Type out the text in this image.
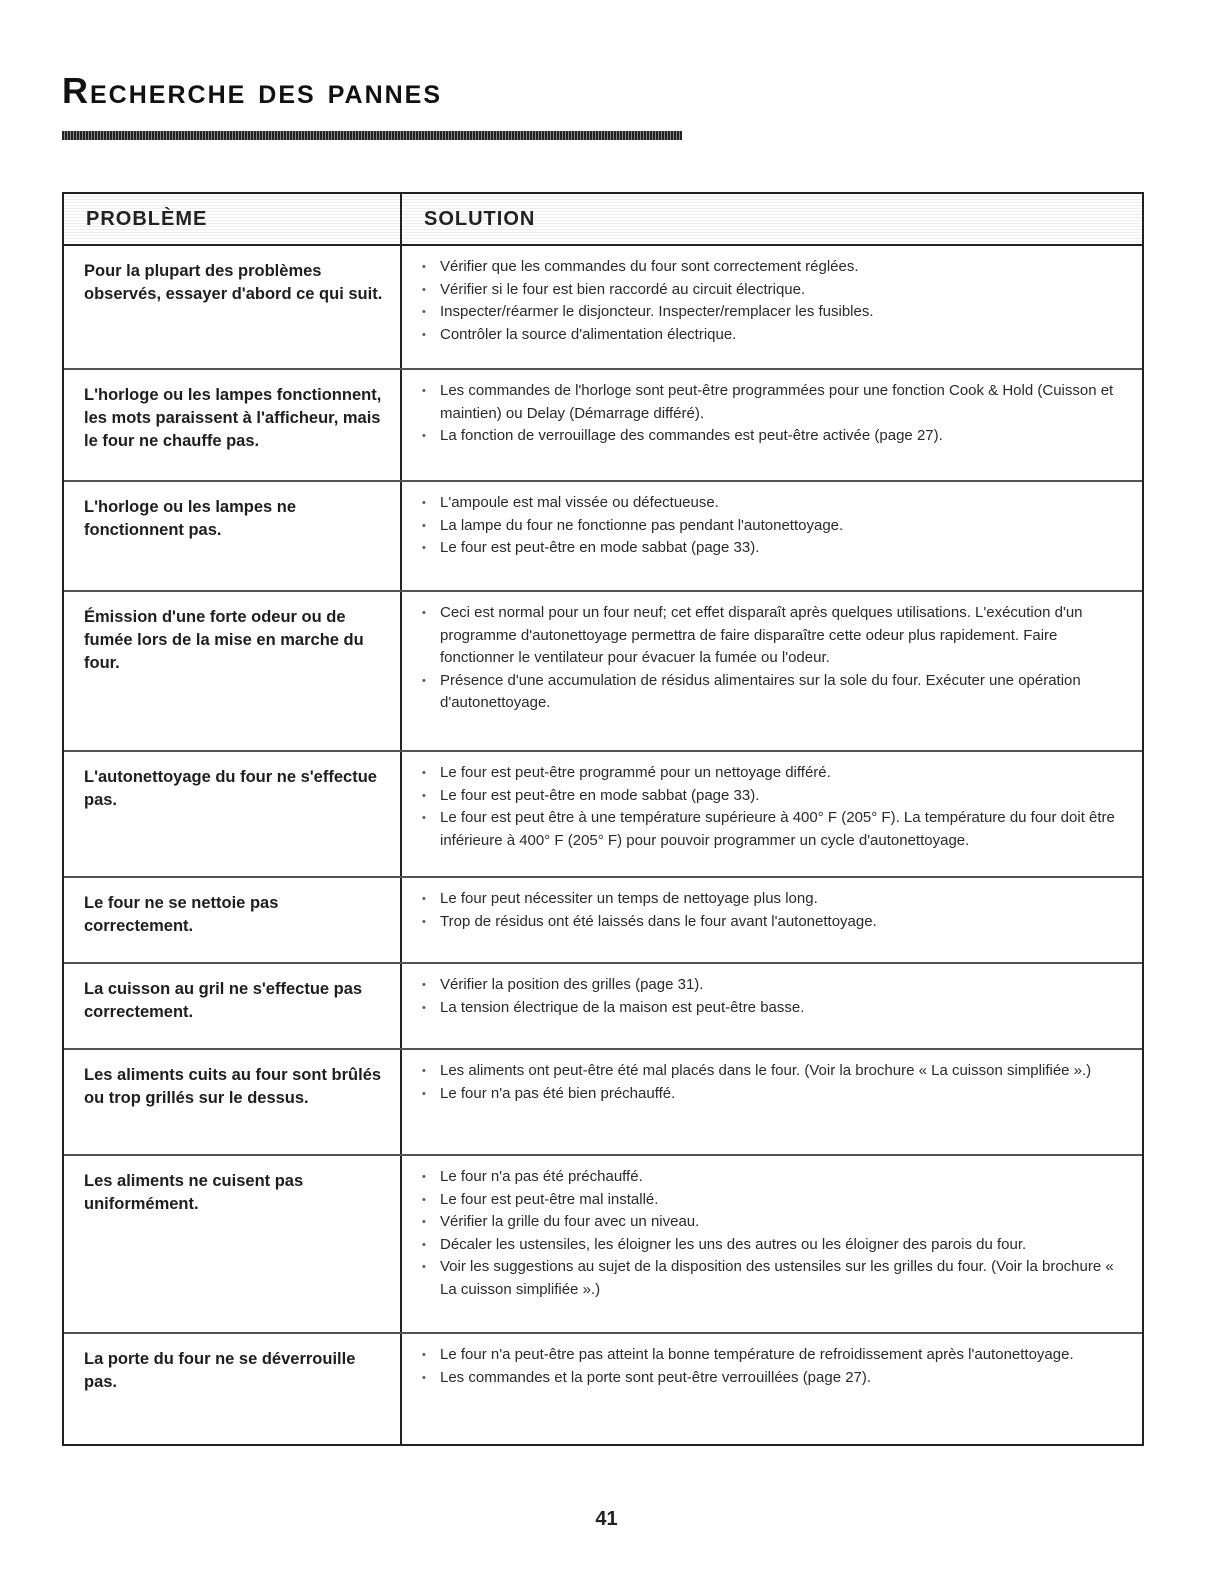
Recherche des pannes
PROBLÈME	SOLUTION
Pour la plupart des problèmes observés, essayer d'abord ce qui suit.
• Vérifier que les commandes du four sont correctement réglées.
• Vérifier si le four est bien raccordé au circuit électrique.
• Inspecter/réarmer le disjoncteur. Inspecter/remplacer les fusibles.
• Contrôler la source d'alimentation électrique.
L'horloge ou les lampes fonctionnent, les mots paraissent à l'afficheur, mais le four ne chauffe pas.
• Les commandes de l'horloge sont peut-être programmées pour une fonction Cook & Hold (Cuisson et maintien) ou Delay (Démarrage différé).
• La fonction de verrouillage des commandes est peut-être activée (page 27).
L'horloge ou les lampes ne fonctionnent pas.
• L'ampoule est mal vissée ou défectueuse.
• La lampe du four ne fonctionne pas pendant l'autonettoyage.
• Le four est peut-être en mode sabbat (page 33).
Émission d'une forte odeur ou de fumée lors de la mise en marche du four.
• Ceci est normal pour un four neuf; cet effet disparaît après quelques utilisations. L'exécution d'un programme d'autonettoyage permettra de faire disparaître cette odeur plus rapidement. Faire fonctionner le ventilateur pour évacuer la fumée ou l'odeur.
• Présence d'une accumulation de résidus alimentaires sur la sole du four. Exécuter une opération d'autonettoyage.
L'autonettoyage du four ne s'effectue pas.
• Le four est peut-être programmé pour un nettoyage différé.
• Le four est peut-être en mode sabbat (page 33).
• Le four est peut être à une température supérieure à 400° F (205° F). La température du four doit être inférieure à 400° F (205° F) pour pouvoir programmer un cycle d'autonettoyage.
Le four ne se nettoie pas correctement.
• Le four peut nécessiter un temps de nettoyage plus long.
• Trop de résidus ont été laissés dans le four avant l'autonettoyage.
La cuisson au gril ne s'effectue pas correctement.
• Vérifier la position des grilles (page 31).
• La tension électrique de la maison est peut-être basse.
Les aliments cuits au four sont brûlés ou trop grillés sur le dessus.
• Les aliments ont peut-être été mal placés dans le four. (Voir la brochure « La cuisson simplifiée ».)
• Le four n'a pas été bien préchauffé.
Les aliments ne cuisent pas uniformément.
• Le four n'a pas été préchauffé.
• Le four est peut-être mal installé.
• Vérifier la grille du four avec un niveau.
• Décaler les ustensiles, les éloigner les uns des autres ou les éloigner des parois du four.
• Voir les suggestions au sujet de la disposition des ustensiles sur les grilles du four. (Voir la brochure « La cuisson simplifiée ».)
La porte du four ne se déverrouille pas.
• Le four n'a peut-être pas atteint la bonne température de refroidissement après l'autonettoyage.
• Les commandes et la porte sont peut-être verrouillées (page 27).
41
